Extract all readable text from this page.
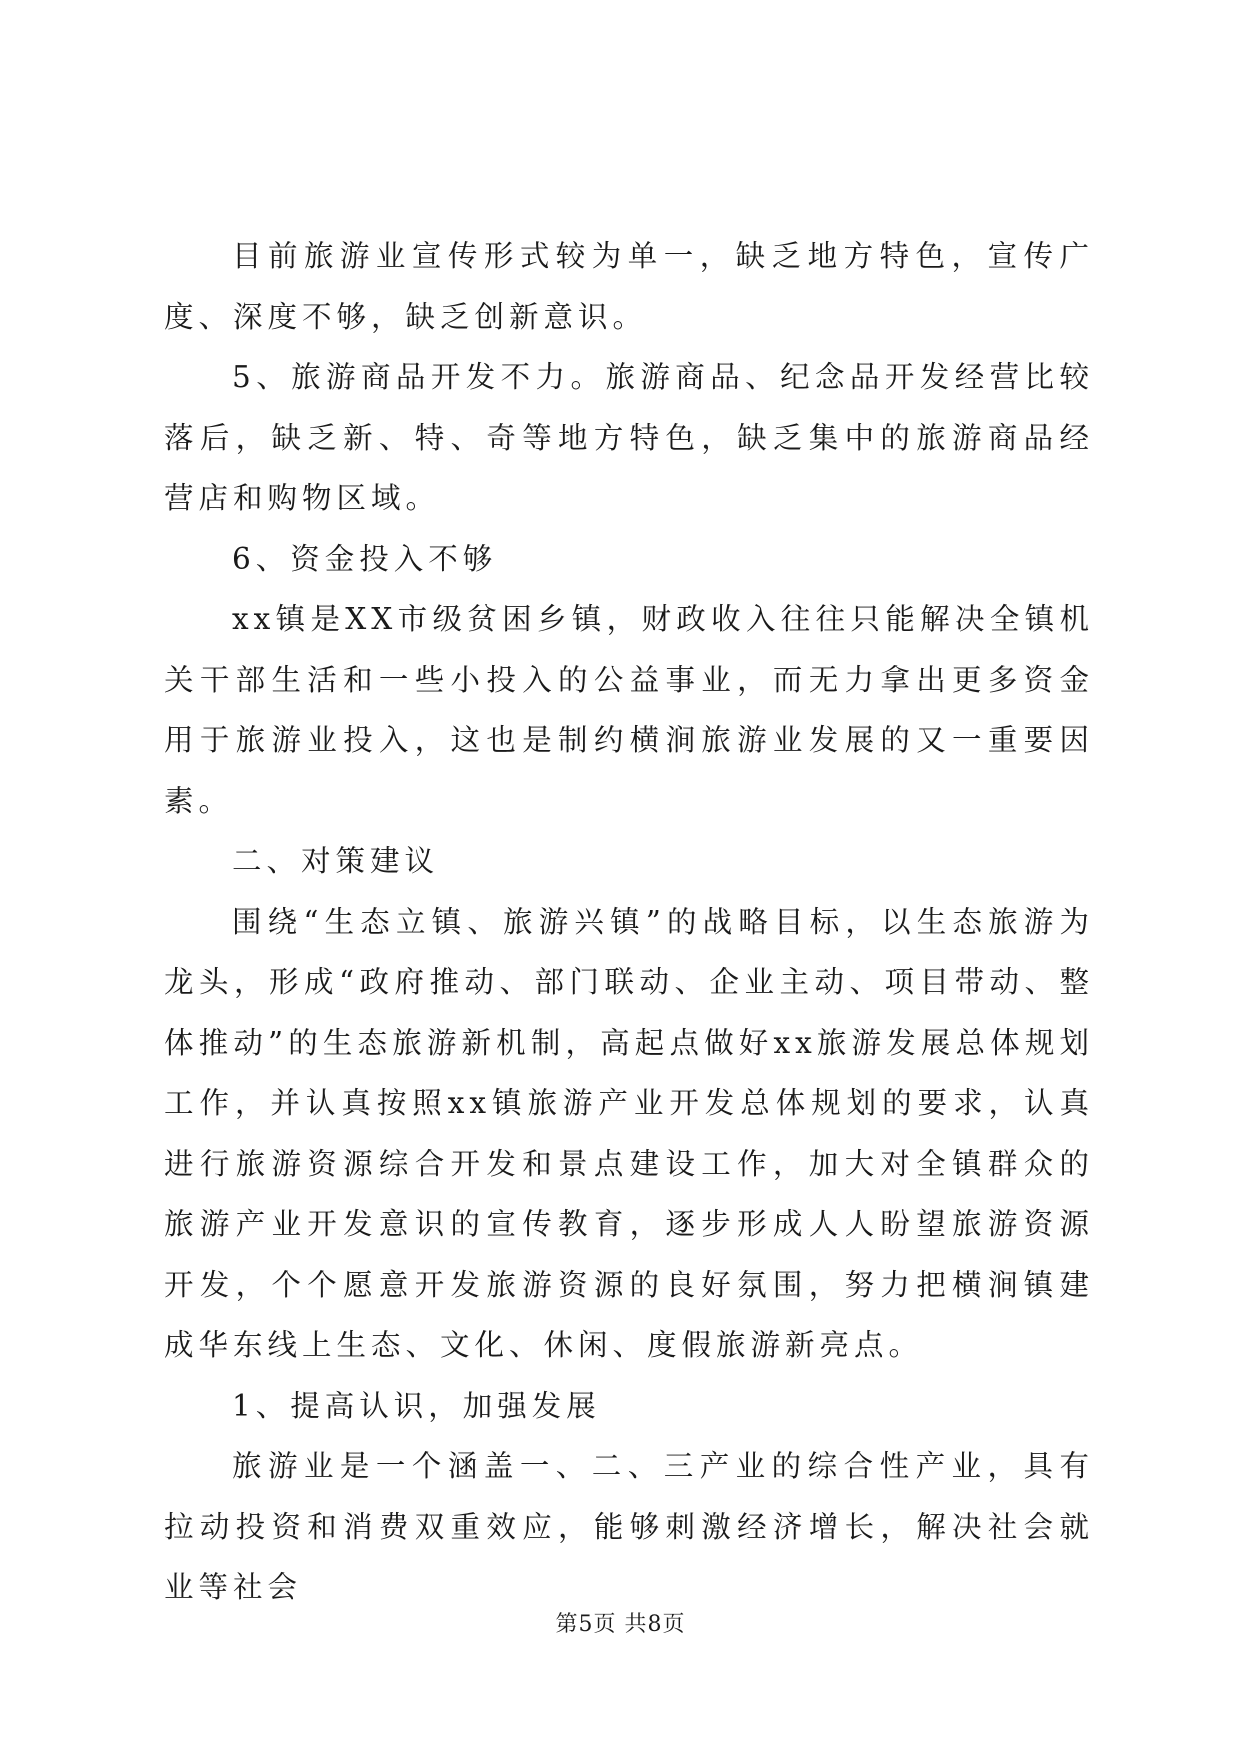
目前旅游业宣传形式较为单一，缺乏地方特色，宣传广度、深度不够，缺乏创新意识。

5、旅游商品开发不力。旅游商品、纪念品开发经营比较落后，缺乏新、特、奇等地方特色，缺乏集中的旅游商品经营店和购物区域。

6、资金投入不够

xx镇是XX市级贫困乡镇，财政收入往往只能解决全镇机关干部生活和一些小投入的公益事业，而无力拿出更多资金用于旅游业投入，这也是制约横涧旅游业发展的又一重要因素。

二、对策建议

围绕“生态立镇、旅游兴镇”的战略目标，以生态旅游为龙头，形成“政府推动、部门联动、企业主动、项目带动、整体推动”的生态旅游新机制，高起点做好xx旅游发展总体规划工作，并认真按照xx镇旅游产业开发总体规划的要求，认真进行旅游资源综合开发和景点建设工作，加大对全镇群众的旅游产业开发意识的宣传教育，逐步形成人人盼望旅游资源开发，个个愿意开发旅游资源的良好氛围，努力把横涧镇建成华东线上生态、文化、休闲、度假旅游新亮点。

1、提高认识，加强发展

旅游业是一个涵盖一、二、三产业的综合性产业，具有拉动投资和消费双重效应，能够刺激经济增长，解决社会就业等社会

第5页 共8页
